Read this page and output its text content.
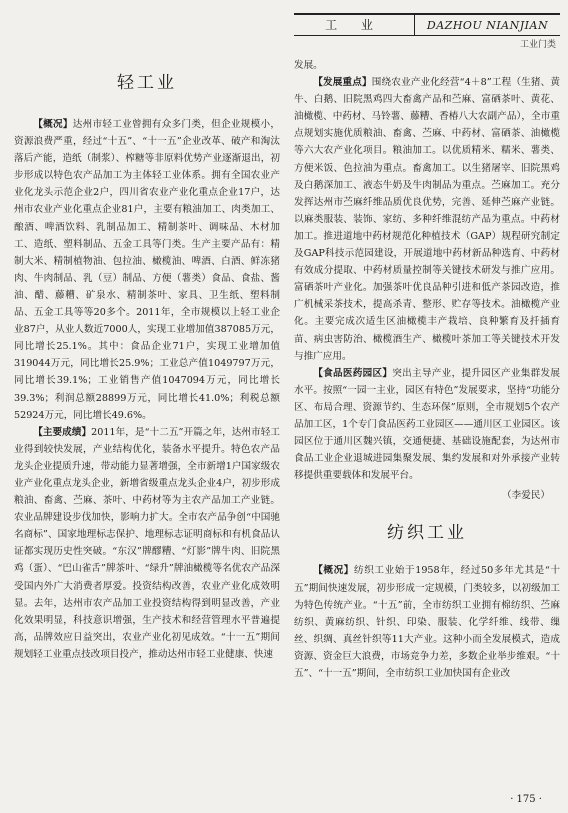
工 业	DAZHOU NIANJIAN
工业门类
轻工业

【概况】达州市轻工业曾拥有众多门类，但企业规模小，资源浪费严重，经过“十五”、“十一五”企业改革、破产和淘汰落后产能，造纸（制浆）、榨糖等非原料优势产业逐渐退出，初步形成以特色农产品加工为主体轻工业体系。拥有全国农业产业化龙头示范企业2户，四川省农业产业化重点企业17户，达州市农业产业化重点企业81户，主要有粮油加工、肉类加工、酿酒、啤酒饮料、乳制品加工、精制茶叶、调味品、木材加工、造纸、塑料制品、五金工具等门类。生产主要产品有：精制大米、精制植物油、包拉油、橄榄油、啤酒、白酒、鲜冻猪肉、牛肉制品、乳（豆）制品、方便（薯类）食品、食盐、酱油、醋、藤糟、矿泉水、精制茶叶、家具、卫生纸、塑料制品、五金工具等等20多个。2011年，全市规模以上轻工业企业87户，从业人数近7000人，实现工业增加值387085万元，同比增长25.1%。其中：食品企业71户，实现工业增加值319044万元，同比增长25.9%；工业总产值1049797万元，同比增长39.1%；工业销售产值1047094万元，同比增长39.3%；利润总额28899万元，同比增长41.0%；利税总额52924万元，同比增长49.6%。

【主要成绩】2011年，是“十二五”开篇之年，达州市轻工业得到较快发展，产业结构优化，装备水平提升。特色农产品龙头企业提质升速，带动能力显著增强，全市新增1户国家级农业产业化重点龙头企业，新增省级重点龙头企业4户，初步形成粮油、畜禽、苎麻、茶叶、中药材等为主农产品加工产业链。农业品牌建设步伐加快，影响力扩大。全市农产品争创“中国驰名商标”、国家地理标志保护、地理标志证明商标和有机食品认证都实现历史性突破。“东汉”牌醪糟、“灯影”牌牛肉、旧院黑鸡（蛋）、“巴山雀舌”牌茶叶、“绿升”牌油橄榄等名优农产品深受国内外广大消费者厚爱。投资结构改善，农业产业化成效明显。去年，达州市农产品加工业投资结构得到明显改善，产业化效果明显，科技意识增强，生产技术和经营管理水平普遍提高，品牌效应日益突出，农业产业化初见成效。“十一五”期间规划轻工业重点技改项目投产，推动达州市轻工业健康、快速

发展。

【发展重点】围绕农业产业化经营“4＋8”工程（生猪、黄牛、白鹅、旧院黑鸡四大畜禽产品和苎麻、富硒茶叶、黄花、油橄榄、中药材、马铃薯、藤糟、香椿八大农副产品），全市重点规划实施优质粮油、畜禽、苎麻、中药材、富硒茶、油橄榄等六大农产业化项目。粮油加工。以优质精米、糯米、薯类、方便米饭、色拉油为重点。畜禽加工。以生猪屠宰、旧院黑鸡及白鹅深加工、液态牛奶及牛肉制品为重点。苎麻加工。充分发挥达州市苎麻纤维品质优良优势，完善、延伸苎麻产业链。以麻类服装、装饰、家纺、多种纤维混纺产品为重点。中药材加工。推进道地中药材规范化种植技术（GAP）规程研究制定及GAP科技示范园建设，开展道地中药材新品种选育、中药材有效成分提取、中药材质量控制等关键技术研发与推广应用。富硒茶叶产业化。加强茶叶优良品种引进和低产茶园改造，推广机械采茶技术，提高杀青、整形、贮存等技术。油橄榄产业化。主要完成次适生区油橄榄丰产栽培、良种繁育及扦插育苗、病虫害防治、橄榄酒生产、橄榄叶茶加工等关键技术开发与推广应用。

【食品医药园区】突出主导产业，提升园区产业集群发展水平。按照“一园一主业，园区有特色”发展要求，坚持“功能分区、布局合理、资源节约、生态环保”原则，全市规划5个农产品加工区，1个专门食品医药工业园区——通川区工业园区。该园区位于通川区魏兴镇，交通便捷、基础设施配套，为达州市食品工业企业退城进园集聚发展、集约发展和对外承接产业转移提供重要载体和发展平台。

（李爱民）
纺织工业

【概况】纺织工业始于1958年，经过50多年尤其是“十五”期间快速发展，初步形成一定规模，门类较多，以初级加工为特色传统产业。“十五”前，全市纺织工业拥有棉纺织、苎麻纺织、黄麻纺织、针织、印染、服装、化学纤维、线带、缫丝、织绸、真丝针织等11大产业。这种小而全发展模式，造成资源、资金巨大浪费，市场竞争力差，多数企业举步维艰。“十五”、“十一五”期间，全市纺织工业加快国有企业改

· 175 ·
